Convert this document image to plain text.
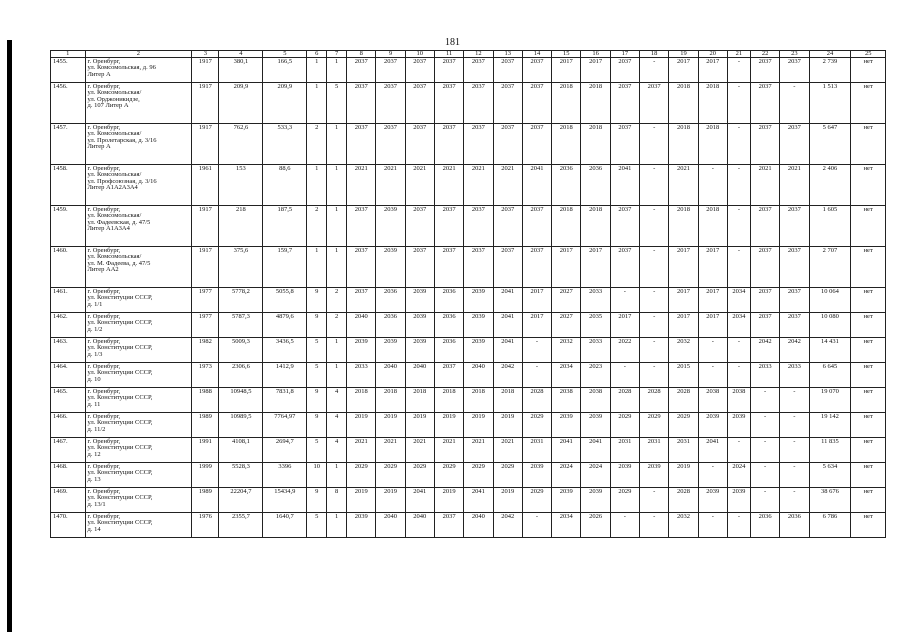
181
1	2	3	4	5	6	7	8	9	10	11	12	13	14	15	16	17	18	19	20	21	22	23	24	25
1455.	г. Оренбург,
ул. Комсомольская, д. 96
Литер А	1917	380,1	166,5	1	1	2037	2037	2037	2037	2037	2037	2037	2017	2017	2037	-	2017	2017	-	2037	2037	2 739	нет
1456.	г. Оренбург,
ул. Комсомольская/
ул. Орджоникидзе,
д. 107 Литер А	1917	209,9	209,9	1	5	2037	2037	2037	2037	2037	2037	2037	2018	2018	2037	2037	2018	2018	-	2037	-	1 513	нет
1457.	г. Оренбург,
ул. Комсомольская/
ул. Пролетарская, д. 3/16
Литер А	1917	762,6	533,3	2	1	2037	2037	2037	2037	2037	2037	2037	2018	2018	2037	-	2018	2018	-	2037	2037	5 647	нет
1458.	г. Оренбург,
ул. Комсомольская/
ул. Профсоюзная, д. 3/16
Литер А1А2А3А4	1961	153	88,6	1	1	2021	2021	2021	2021	2021	2021	2041	2036	2036	2041	-	2021	-	-	2021	2021	2 406	нет
1459.	г. Оренбург,
ул. Комсомольская/
ул. Фадеевская, д. 47/5
Литер А1А3А4	1917	218	187,5	2	1	2037	2039	2037	2037	2037	2037	2037	2018	2018	2037	-	2018	2018	-	2037	2037	1 605	нет
1460.	г. Оренбург,
ул. Комсомольская/
ул. М. Фадеева, д. 47/5
Литер АА2	1917	375,6	159,7	1	1	2037	2039	2037	2037	2037	2037	2037	2017	2017	2037	-	2017	2017	-	2037	2037	2 707	нет
1461.	г. Оренбург,
ул. Конституции СССР,
д. 1/1	1977	5778,2	5055,8	9	2	2037	2036	2039	2036	2039	2041	2017	2027	2033	-	-	2017	2017	2034	2037	2037	10 064	нет
1462.	г. Оренбург,
ул. Конституции СССР,
д. 1/2	1977	5787,3	4879,6	9	2	2040	2036	2039	2036	2039	2041	2017	2027	2035	2017	-	2017	2017	2034	2037	2037	10 080	нет
1463.	г. Оренбург,
ул. Конституции СССР,
д. 1/3	1982	5009,3	3436,5	5	1	2039	2039	2039	2036	2039	2041	-	2032	2033	2022	-	2032	-	-	2042	2042	14 431	нет
1464.	г. Оренбург,
ул. Конституции СССР,
д. 10	1973	2306,6	1412,9	5	1	2033	2040	2040	2037	2040	2042	-	2034	2023	-	-	2015	-	-	2033	2033	6 645	нет
1465.	г. Оренбург,
ул. Конституции СССР,
д. 11	1988	10948,5	7831,8	9	4	2018	2018	2018	2018	2018	2018	2028	2038	2038	2028	2028	2028	2038	2038	-	-	19 070	нет
1466.	г. Оренбург,
ул. Конституции СССР,
д. 11/2	1989	10989,5	7764,97	9	4	2019	2019	2019	2019	2019	2019	2029	2039	2039	2029	2029	2029	2039	2039	-	-	19 142	нет
1467.	г. Оренбург,
ул. Конституции СССР,
д. 12	1991	4108,1	2694,7	5	4	2021	2021	2021	2021	2021	2021	2031	2041	2041	2031	2031	2031	2041	-	-	-	11 835	нет
1468.	г. Оренбург,
ул. Конституции СССР,
д. 13	1999	5528,3	3396	10	1	2029	2029	2029	2029	2029	2029	2039	2024	2024	2039	2039	2019	-	2024	-	-	5 634	нет
1469.	г. Оренбург,
ул. Конституции СССР,
д. 13/1	1989	22204,7	15434,9	9	8	2019	2019	2041	2019	2041	2019	2029	2039	2039	2029	-	2028	2039	2039	-	-	38 676	нет
1470.	г. Оренбург,
ул. Конституции СССР,
д. 14	1976	2355,7	1640,7	5	1	2039	2040	2040	2037	2040	2042	-	2034	2026	-	-	2032	-	-	2036	2036	6 786	нет
